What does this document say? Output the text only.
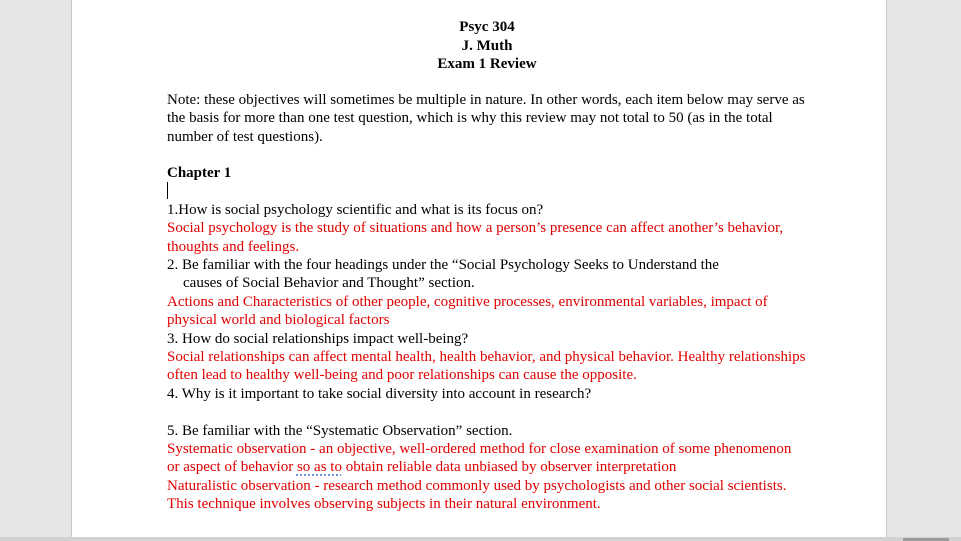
Psyc 304
J. Muth
Exam 1 Review

Note: these objectives will sometimes be multiple in nature. In other words, each item below may serve as the basis for more than one test question, which is why this review may not total to 50 (as in the total number of test questions).

Chapter 1

1.How is social psychology scientific and what is its focus on?

Social psychology is the study of situations and how a person’s presence can affect another’s behavior, thoughts and feelings.

2. Be familiar with the four headings under the “Social Psychology Seeks to Understand the

causes of Social Behavior and Thought” section.

Actions and Characteristics of other people, cognitive processes, environmental variables, impact of physical world and biological factors

3. How do social relationships impact well-being?

Social relationships can affect mental health, health behavior, and physical behavior. Healthy relationships often lead to healthy well-being and poor relationships can cause the opposite.

4. Why is it important to take social diversity into account in research?

5. Be familiar with the “Systematic Observation” section.

Systematic observation - an objective, well-ordered method for close examination of some phenomenon or aspect of behavior so as to obtain reliable data unbiased by observer interpretation

Naturalistic observation - research method commonly used by psychologists and other social scientists. This technique involves observing subjects in their natural environment.
